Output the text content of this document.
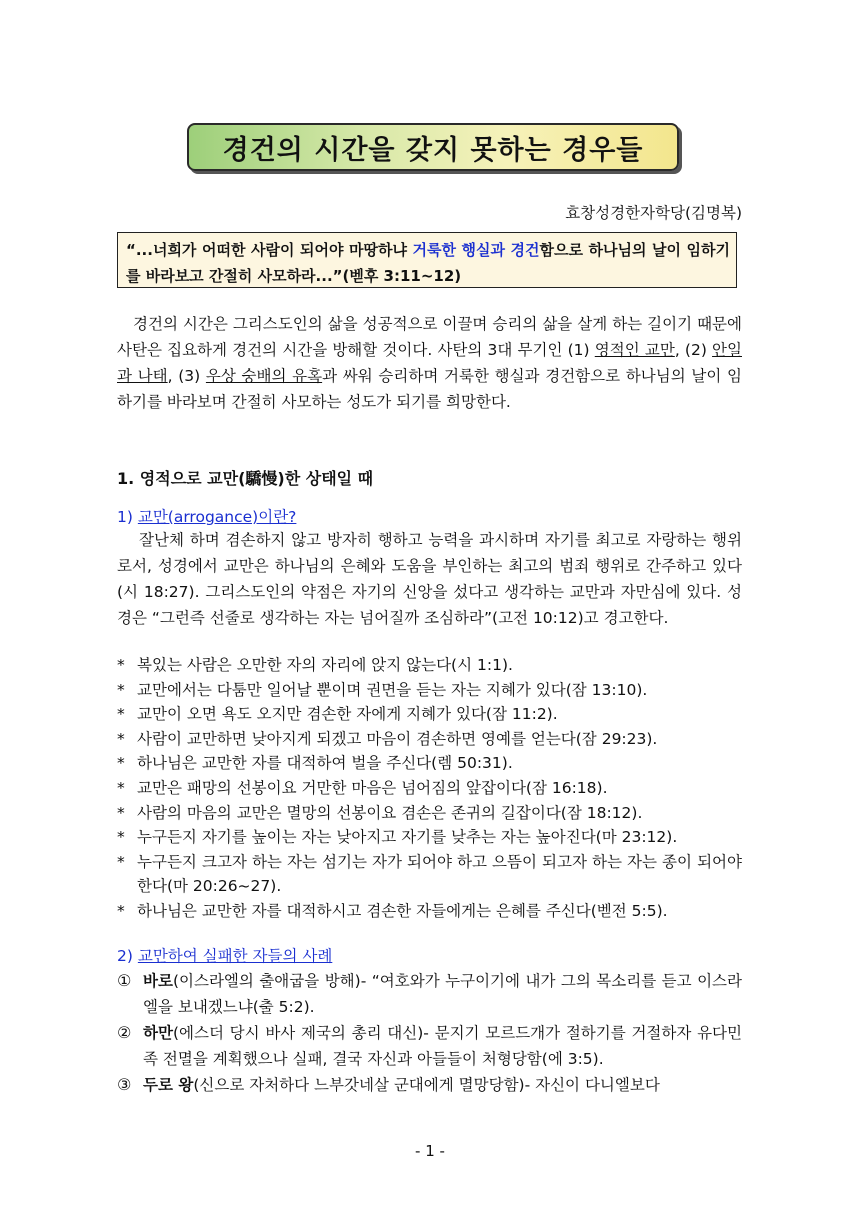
경건의 시간을 갖지 못하는 경우들
효창성경한자학당(김명복)
“...너희가 어떠한 사람이 되어야 마땅하냐 거룩한 행실과 경건함으로 하나님의 날이 임하기를 바라보고 간절히 사모하라...”(벧후 3:11~12)

경건의 시간은 그리스도인의 삶을 성공적으로 이끌며 승리의 삶을 살게 하는 길이기 때문에 사탄은 집요하게 경건의 시간을 방해할 것이다. 사탄의 3대 무기인 (1) 영적인 교만, (2) 안일과 나태, (3) 우상 숭배의 유혹과 싸워 승리하며 거룩한 행실과 경건함으로 하나님의 날이 임하기를 바라보며 간절히 사모하는 성도가 되기를 희망한다.

1. 영적으로 교만(驕慢)한 상태일 때
1) 교만(arrogance)이란?

잘난체 하며 겸손하지 않고 방자히 행하고 능력을 과시하며 자기를 최고로 자랑하는 행위로서, 성경에서 교만은 하나님의 은혜와 도움을 부인하는 최고의 범죄 행위로 간주하고 있다(시 18:27). 그리스도인의 약점은 자기의 신앙을 섰다고 생각하는 교만과 자만심에 있다. 성경은 “그런즉 선줄로 생각하는 자는 넘어질까 조심하라”(고전 10:12)고 경고한다.

* 복있는 사람은 오만한 자의 자리에 앉지 않는다(시 1:1).
* 교만에서는 다툼만 일어날 뿐이며 권면을 듣는 자는 지혜가 있다(잠 13:10).
* 교만이 오면 욕도 오지만 겸손한 자에게 지혜가 있다(잠 11:2).
* 사람이 교만하면 낮아지게 되겠고 마음이 겸손하면 영예를 얻는다(잠 29:23).
* 하나님은 교만한 자를 대적하여 벌을 주신다(렘 50:31).
* 교만은 패망의 선봉이요 거만한 마음은 넘어짐의 앞잡이다(잠 16:18).
* 사람의 마음의 교만은 멸망의 선봉이요 겸손은 존귀의 길잡이다(잠 18:12).
* 누구든지 자기를 높이는 자는 낮아지고 자기를 낮추는 자는 높아진다(마 23:12).
* 누구든지 크고자 하는 자는 섬기는 자가 되어야 하고 으뜸이 되고자 하는 자는 종이 되어야 한다(마 20:26~27).
* 하나님은 교만한 자를 대적하시고 겸손한 자들에게는 은혜를 주신다(벧전 5:5).
2) 교만하여 실패한 자들의 사례
① 바로(이스라엘의 출애굽을 방해)- “여호와가 누구이기에 내가 그의 목소리를 듣고 이스라엘을 보내겠느냐(출 5:2).
② 하만(에스더 당시 바사 제국의 총리 대신)- 문지기 모르드개가 절하기를 거절하자 유다민족 전멸을 계획했으나 실패, 결국 자신과 아들들이 처형당함(에 3:5).
③ 두로 왕(신으로 자처하다 느부갓네살 군대에게 멸망당함)- 자신이 다니엘보다
- 1 -
